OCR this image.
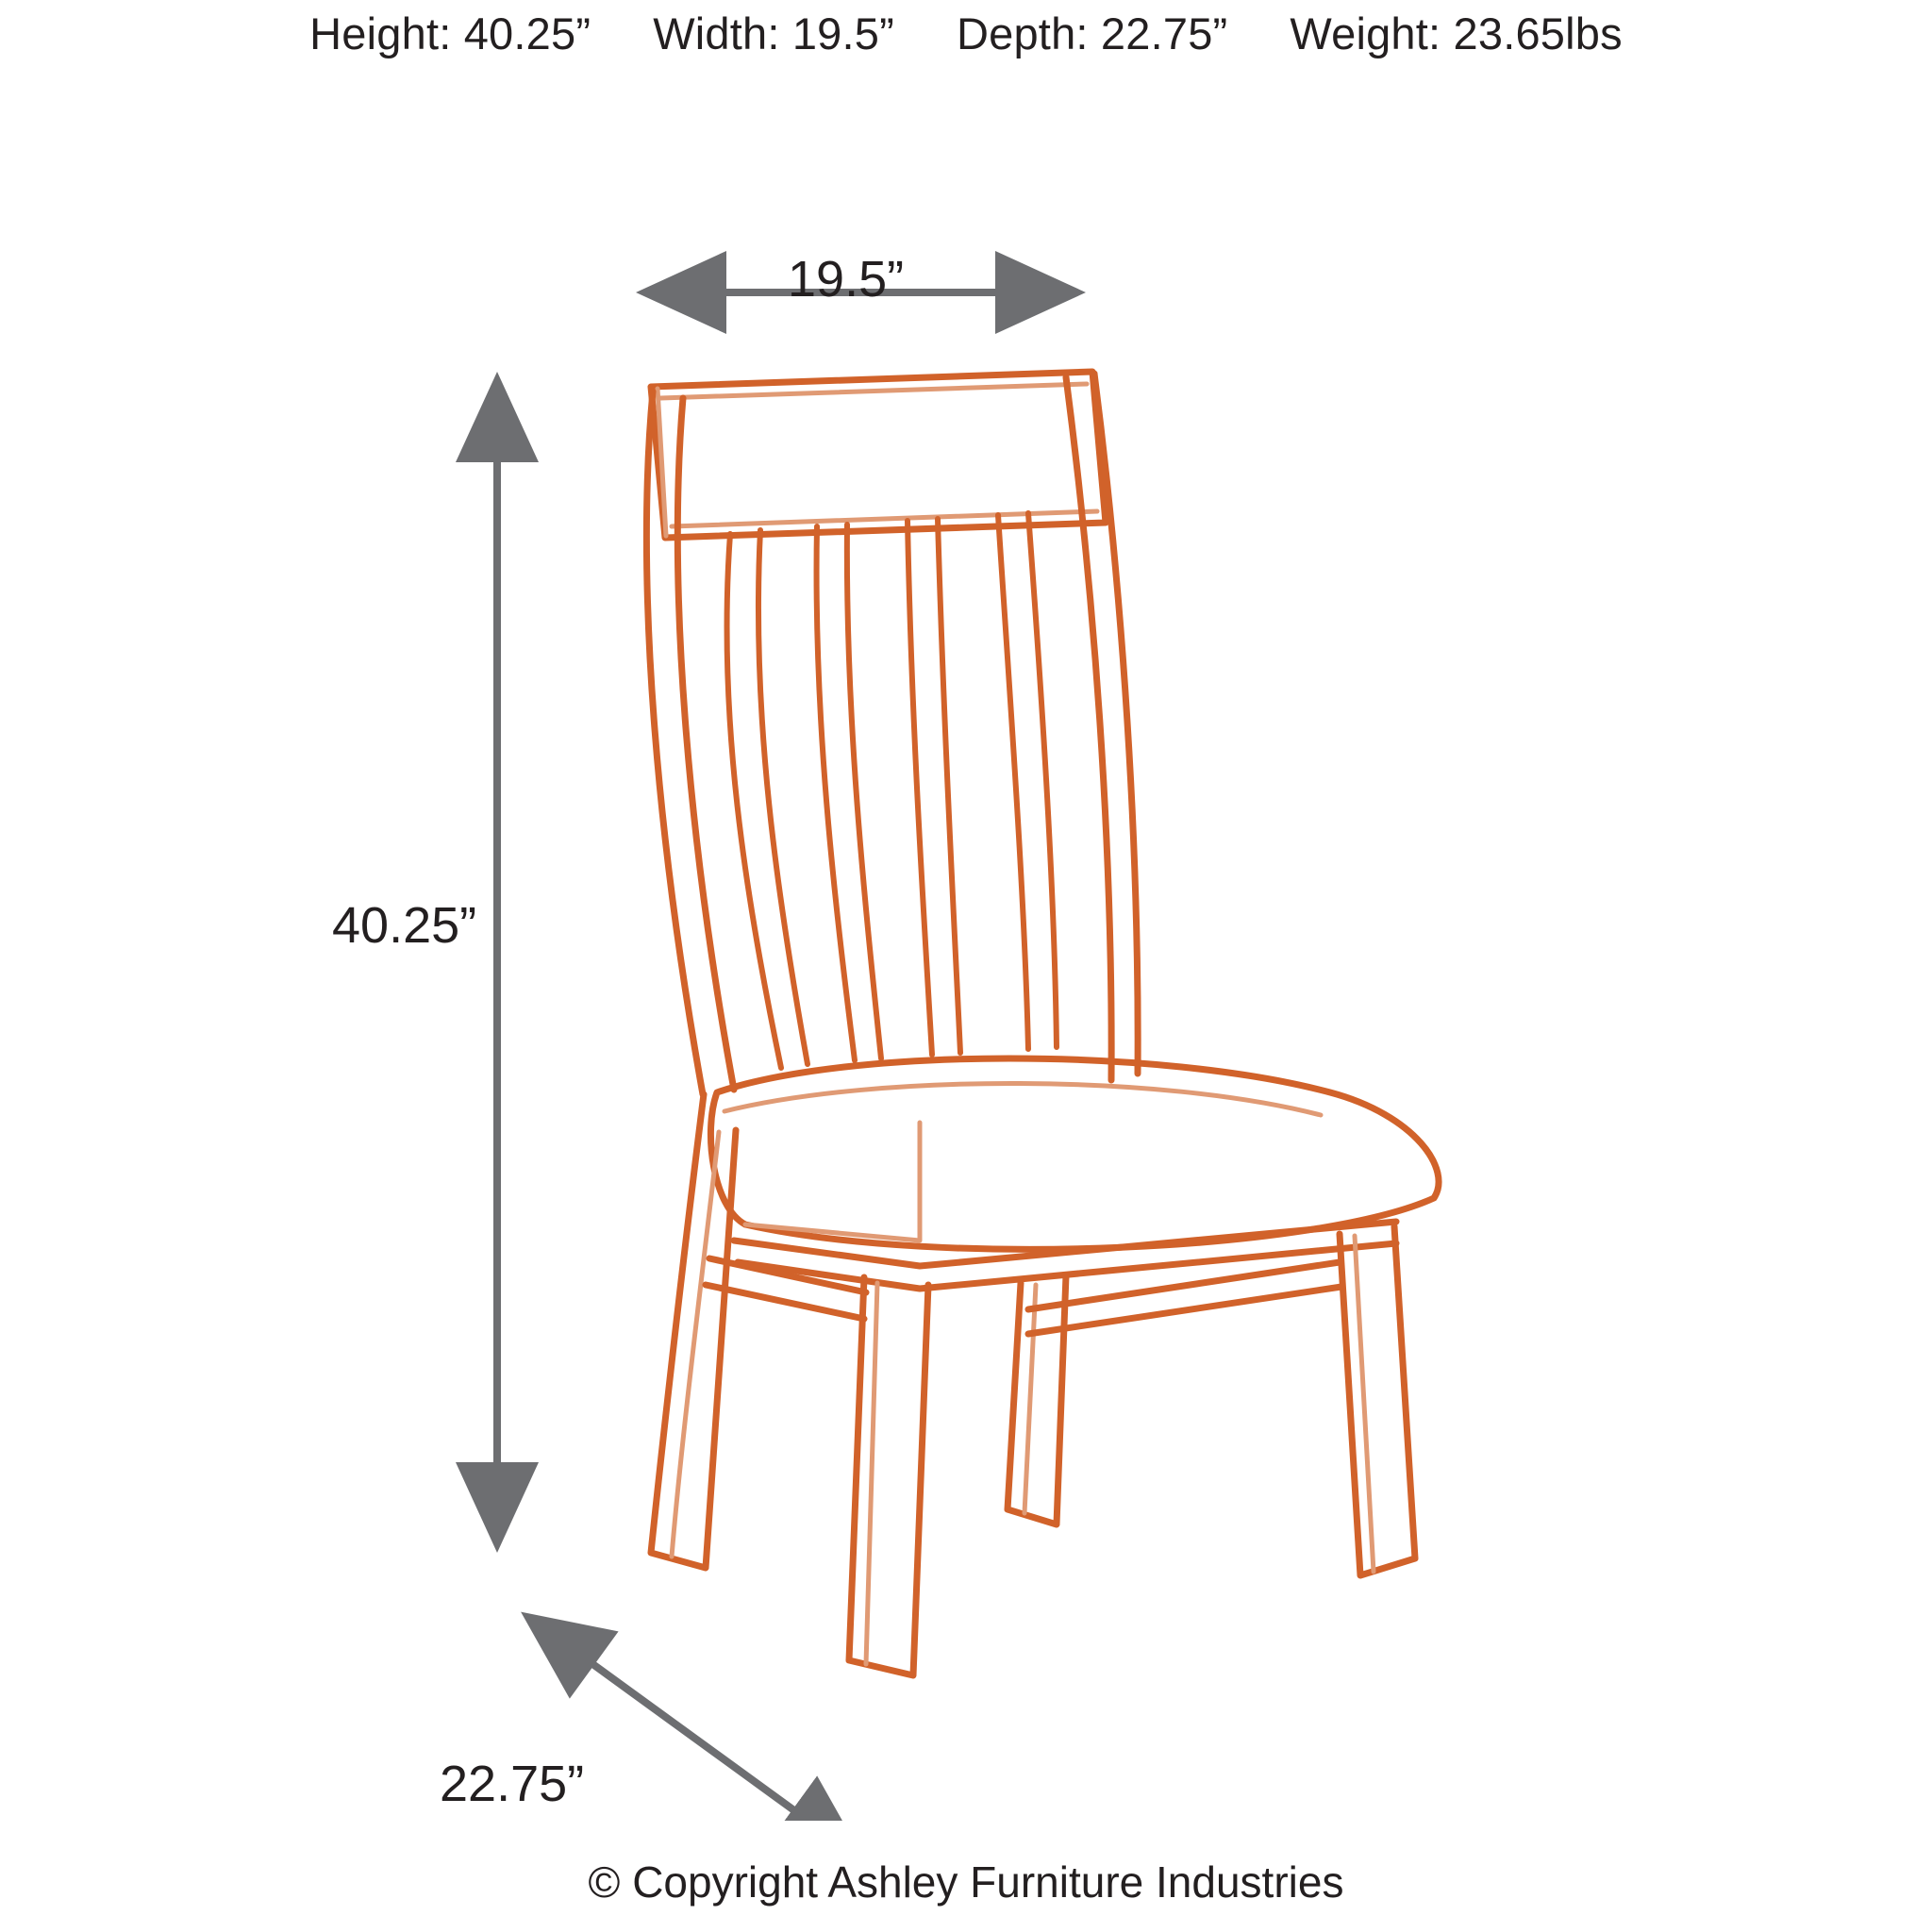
Height: 40.25” Width: 19.5” Depth: 22.75” Weight: 23.65lbs
19.5”
40.25”
22.75”
© Copyright Ashley Furniture Industries
